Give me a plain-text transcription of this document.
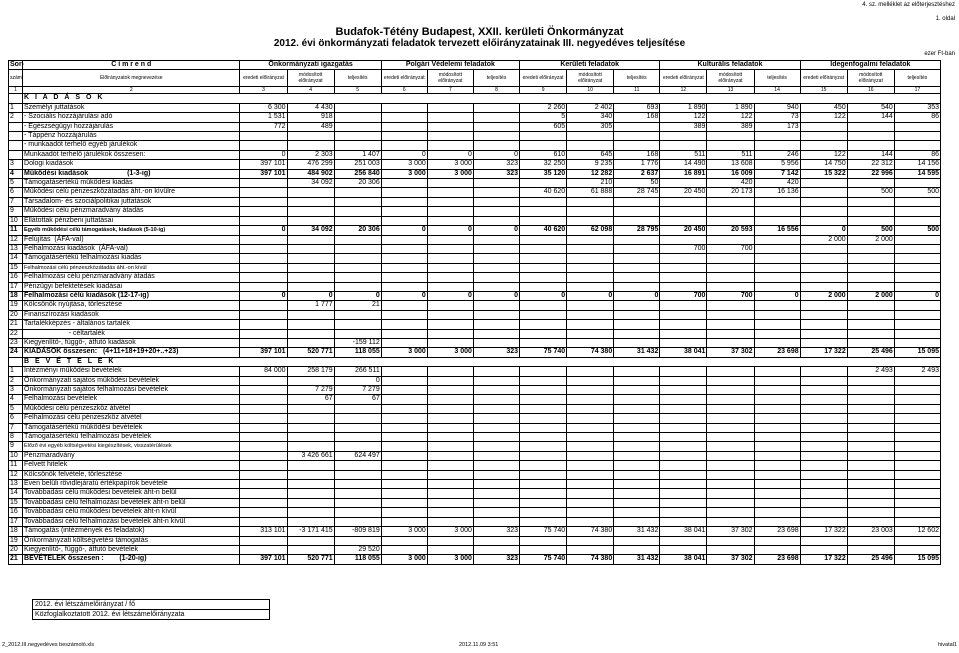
4. sz. melléklet az előterjesztéshez
1. oldal
Budafok-Tétény Budapest, XXII. kerületi Önkormányzat
2012. évi önkormányzati feladatok tervezett előirányzatainak III. negyedéves teljesítése
ezer Ft-ban
Sor-	C í m r e n d	Önkormányzati igazgatás			Polgári Védelemi feladatok			Kerületi feladatok			Kulturális feladatok			Idegenfogalmi feladatok		
szám	Előirányzatok megnevezése	eredeti előirányzat	módosított előirányzat	teljesítés	eredeti előirányzat	módosított előirányzat	teljesítés	eredeti előirányzat	módosított előirányzat	teljesítés	eredeti előirányzat	módosított előirányzat	teljesítés	eredeti előirányzat	módosított előirányzat	teljesítés
1	2	3	4	5	6	7	8	9	10	11	12	13	14	15	16	17
	K I A D Á S O K															
1	Személyi juttatások	6 300	4 430					2 260	2 402	693	1 890	1 890	940	450	540	353
2	- Szociális hozzájárulási adó	1 531	918					5	340	168	122	122	73	122	144	86
	- Egészségügyi hozzájárulás	772	489					605	305		389	389	173			
	- Táppénz hozzájárulás															
	- munkaadót terhelő egyéb járulékok															
	Munkaadót terhelő járulékok összesen:	0	2 303	1 407	0	0	0	610	645	168	511	511	246	122	144	86
3	Dologi kiadások	397 101	476 299	251 003	3 000	3 000	323	32 250	9 235	1 776	14 490	13 608	5 956	14 750	22 312	14 156
4	Működési kiadások                    (1-3-ig)	397 101	484 902	256 840	3 000	3 000	323	35 120	12 282	2 637	16 891	16 009	7 142	15 322	22 996	14 595
5	Támogatásértékű működési kiadás		34 092	20 306					210	50		420	420			
6	Működési célú pénzeszközátadás áht.-on kívülre							40 620	61 888	28 745	20 450	20 173	16 136		500	500
7	Társadalom- és szociálpolitikai juttatások															
9	Működési célú pénzmaradvány átadás															
10	Ellátottak pénzbeni juttatásai															
11	Egyéb működési célú támogatások, kiadások (5-10-ig)	0	34 092	20 306	0	0	0	40 620	62 098	28 795	20 450	20 593	16 556	0	500	500
12	Felújítás  (ÁFA-val)													2 000	2 000	
13	Felhalmozási kiadások  (ÁFA-val)										700	700				
14	Támogatásértékű felhalmozási kiadás															
15	Felhalmozási célú pénzeszközátadás áht.-on kívül															
16	Felhalmozási célú pénzmaradvány átadás															
17	Pénzügyi befektetések kiadásai															
18	Felhalmozási célú kiadások (12-17-ig)	0	0	0	0	0	0	0	0	0	700	700	0	2 000	2 000	0
19	Kölcsönök nyújtása, törlesztése		1 777	21												
20	Finanszírozási kiadások															
21	Tartalékképzés - általános tartalék															
22	- céltartalék															
23	Kiegyenlítő-, függő-, átfutó kiadások			-159 112												
24	KIADÁSOK összesen:   (4+11+18+19+20+..+23)	397 101	520 771	118 055	3 000	3 000	323	75 740	74 380	31 432	38 041	37 302	23 698	17 322	25 496	15 095
	B E V É T E L E K															
1	Intézményi működési bevételek	84 000	258 179	266 511											2 493	2 493
2	Önkormányzati sajátos működési bevételek			0												
3	Önkormányzati sajátos felhalmozási bevételek		7 279	7 279												
4	Felhalmozási bevételek		67	67												
5	Működési célú pénzeszköz átvétel															
6	Felhalmozási célú pénzeszköz átvétel															
7	Támogatásértékű működési bevételek															
8	Támogatásértékű felhalmozási bevételek															
9	Előző évi egyéb költségvetési kiegészítések, visszatérülések															
10	Pénzmaradvány		3 426 661	624 497												
11	Felvett hitelek															
12	Kölcsönök felvétele, törlesztése															
13	Even belüli rövidlejáratú értékpapírok bevétele															
14	Továbbadási célú működési bevételek áht-n belül															
15	Továbbadási célú felhalmozási bevételek áht-n belül															
16	Továbbadási célú működési bevételek áht-n kívül															
17	Továbbadási célú felhalmozási bevételek áht-n kívül															
18	Támogatás (intézmények és feladatok)	313 101	-3 171 415	-809 819	3 000	3 000	323	75 740	74 380	31 432	38 041	37 302	23 698	17 322	23 003	12 602
19	Önkormányzati költségvetési támogatás															
20	Kiegyenlítő-, függő-, átfutó bevételek			29 520												
21	BEVÉTELEK összesen :        (1-20-ig)	397 101	520 771	118 055	3 000	3 000	323	75 740	74 380	31 432	38 041	37 302	23 698	17 322	25 496	15 095
2012. évi létszámelőirányzat / fő
Közfoglalkoztatott 2012. évi létszámelőirányzata
2_2012.III.negyedéves beszámoló.xls	2012.11.09 3:51	hivatal1
